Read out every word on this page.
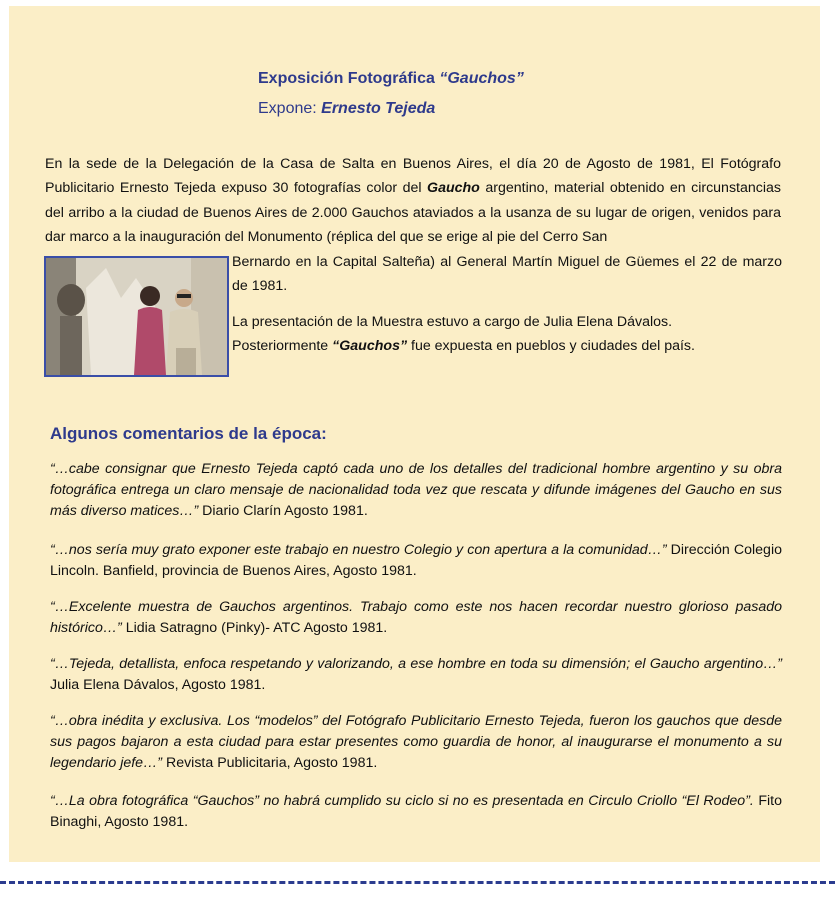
Exposición Fotográfica “Gauchos”
Expone: Ernesto Tejeda
En la sede de la Delegación de la Casa de Salta en Buenos Aires, el día 20 de Agosto de 1981, El Fotógrafo Publicitario Ernesto Tejeda expuso 30 fotografías color del Gaucho argentino, material obtenido en circunstancias del arribo a la ciudad de Buenos Aires de 2.000 Gauchos ataviados a la usanza de su lugar de origen, venidos para dar marco a la inauguración del Monumento (réplica del que se erige al pie del Cerro San
Bernardo en la Capital Salteña) al General Martín Miguel de Güemes el 22 de marzo de 1981.
La presentación de la Muestra estuvo a cargo de Julia Elena Dávalos.
Posteriormente “Gauchos” fue expuesta en pueblos y ciudades del país.
Algunos comentarios de la época:
“…cabe consignar que Ernesto Tejeda captó cada uno de los detalles del tradicional hombre argentino y su obra fotográfica entrega un claro mensaje de nacionalidad toda vez que rescata y difunde imágenes del Gaucho en sus más diverso matices…” Diario Clarín Agosto 1981.
“…nos sería muy grato exponer este trabajo en nuestro Colegio y con apertura a la comunidad…” Dirección Colegio Lincoln. Banfield, provincia de Buenos Aires, Agosto 1981.
“…Excelente muestra de Gauchos argentinos. Trabajo como este nos hacen recordar nuestro glorioso pasado histórico…” Lidia Satragno (Pinky)- ATC Agosto 1981.
“…Tejeda, detallista, enfoca respetando y valorizando, a ese hombre en toda su dimensión; el Gaucho argentino…” Julia Elena Dávalos, Agosto 1981.
“…obra inédita y exclusiva. Los “modelos” del Fotógrafo Publicitario Ernesto Tejeda, fueron los gauchos que desde sus pagos bajaron a esta ciudad para estar presentes como guardia de honor, al inaugurarse el monumento a su legendario jefe…” Revista Publicitaria, Agosto 1981.
“…La obra fotográfica “Gauchos” no habrá cumplido su ciclo si no es presentada en Circulo Criollo “El Rodeo”. Fito Binaghi, Agosto 1981.
